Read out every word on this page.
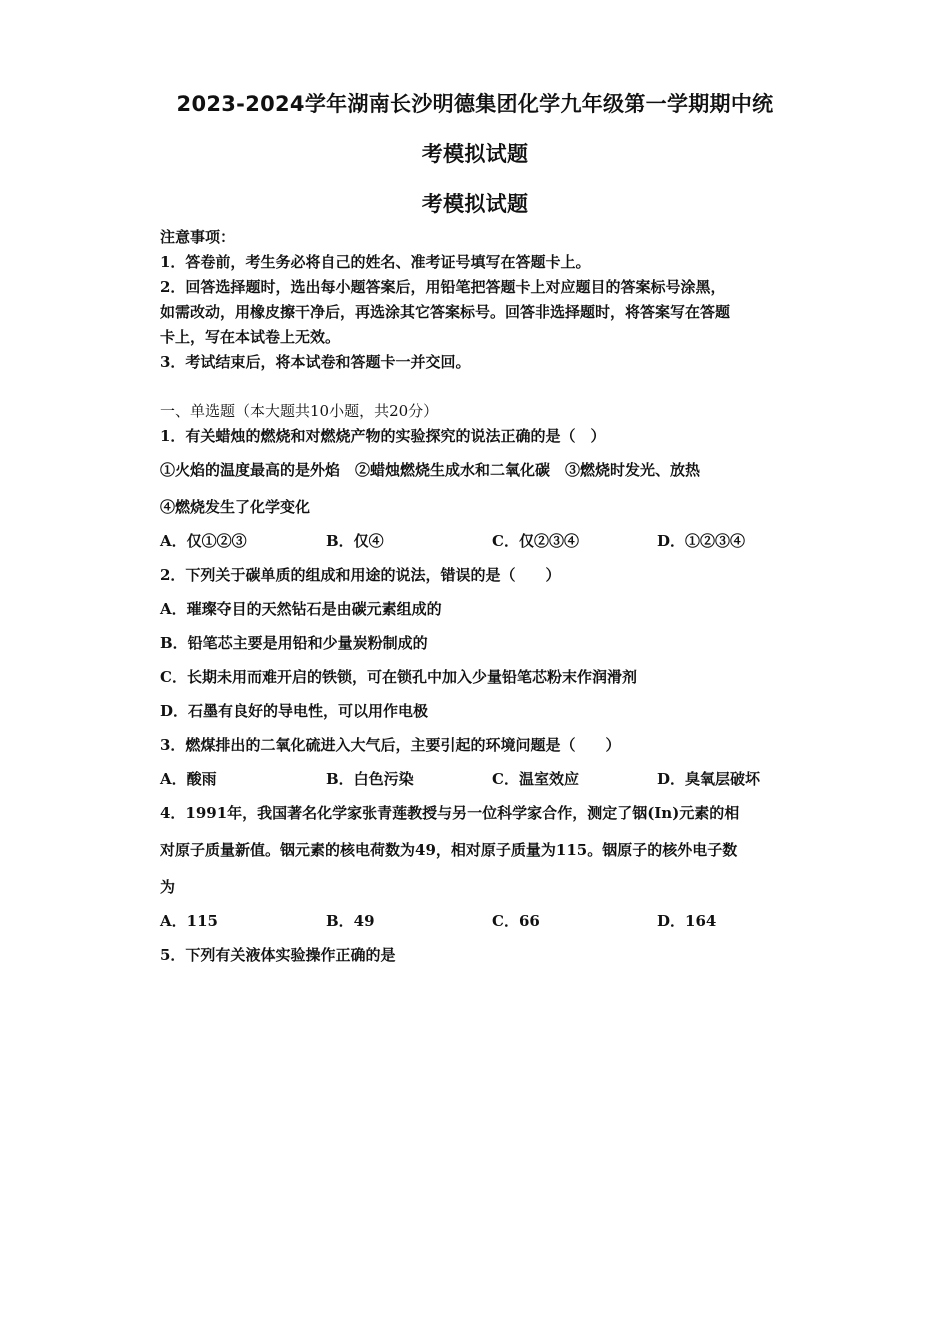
2023-2024学年湖南长沙明德集团化学九年级第一学期期中统
考模拟试题
考模拟试题
注意事项：
1．答卷前，考生务必将自己的姓名、准考证号填写在答题卡上。
2．回答选择题时，选出每小题答案后，用铅笔把答题卡上对应题目的答案标号涂黑，
如需改动，用橡皮擦干净后，再选涂其它答案标号。回答非选择题时，将答案写在答题
卡上，写在本试卷上无效。
3．考试结束后，将本试卷和答题卡一并交回。
一、单选题（本大题共10小题，共20分）
1．有关蜡烛的燃烧和对燃烧产物的实验探究的说法正确的是（　）
①火焰的温度最高的是外焰　②蜡烛燃烧生成水和二氧化碳　③燃烧时发光、放热
④燃烧发生了化学变化
A．仅①②③	B．仅④	C．仅②③④	D．①②③④
2．下列关于碳单质的组成和用途的说法，错误的是（　　）
A．璀璨夺目的天然钻石是由碳元素组成的
B．铅笔芯主要是用铅和少量炭粉制成的
C．长期未用而难开启的铁锁，可在锁孔中加入少量铅笔芯粉末作润滑剂
D．石墨有良好的导电性，可以用作电极
3．燃煤排出的二氧化硫进入大气后，主要引起的环境问题是（　　）
A．酸雨	B．白色污染	C．温室效应	D．臭氧层破坏
4．1991年，我国著名化学家张青莲教授与另一位科学家合作，测定了铟(In)元素的相
对原子质量新值。铟元素的核电荷数为49，相对原子质量为115。铟原子的核外电子数
为
A．115	B．49	C．66	D．164
5．下列有关液体实验操作正确的是
